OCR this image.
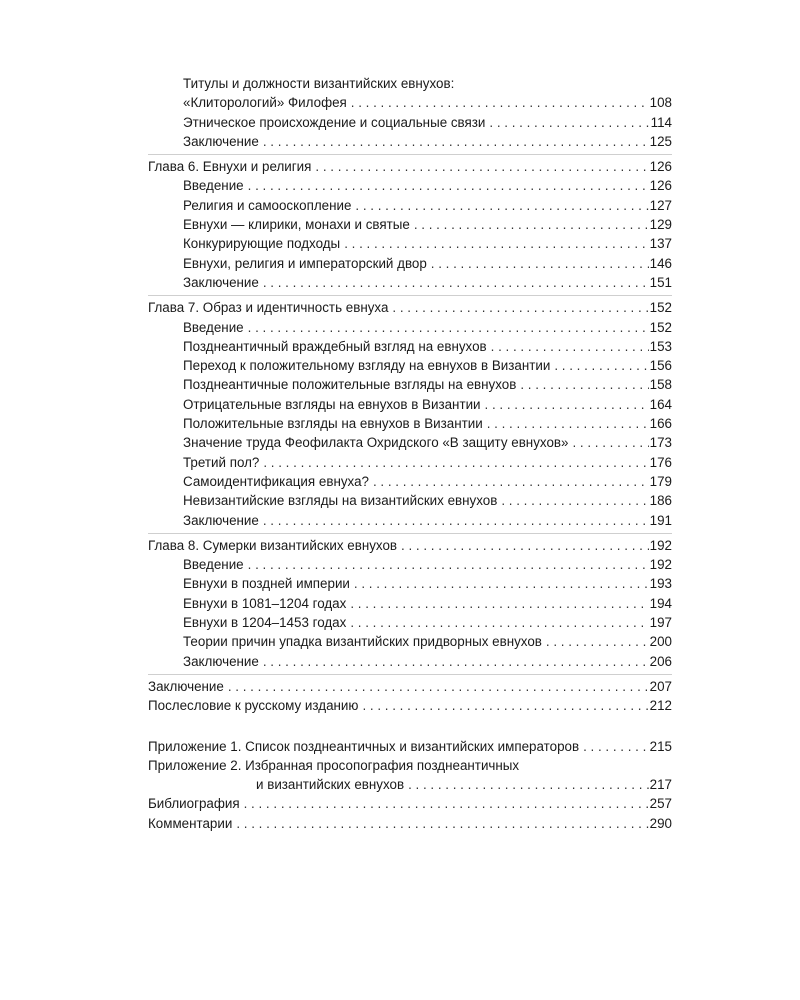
Титулы и должности византийских евнухов:
«Клиторологий» Филофея . . .	108
Этническое происхождение и социальные связи . . .	114
Заключение . . .	125
Глава 6. Евнухи и религия . . .	126
Введение . . .	126
Религия и самооскопление . . .	127
Евнухи — клирики, монахи и святые . . .	129
Конкурирующие подходы . . .	137
Евнухи, религия и императорский двор . . .	146
Заключение . . .	151
Глава 7. Образ и идентичность евнуха . . .	152
Введение . . .	152
Позднеантичный враждебный взгляд на евнухов . . .	153
Переход к положительному взгляду на евнухов в Византии . . .	156
Позднеантичные положительные взгляды на евнухов . . .	158
Отрицательные взгляды на евнухов в Византии . . .	164
Положительные взгляды на евнухов в Византии . . .	166
Значение труда Феофилакта Охридского «В защиту евнухов» . . .	173
Третий пол? . . .	176
Самоидентификация евнуха? . . .	179
Невизантийские взгляды на византийских евнухов . . .	186
Заключение . . .	191
Глава 8. Сумерки византийских евнухов . . .	192
Введение . . .	192
Евнухи в поздней империи . . .	193
Евнухи в 1081–1204 годах . . .	194
Евнухи в 1204–1453 годах . . .	197
Теории причин упадка византийских придворных евнухов . . .	200
Заключение . . .	206
Заключение . . .	207
Послесловие к русскому изданию . . .	212
Приложение 1. Список позднеантичных и византийских императоров . . .	215
Приложение 2. Избранная просопография позднеантичных
и византийских евнухов . . .	217
Библиография . . .	257
Комментарии . . .	290
